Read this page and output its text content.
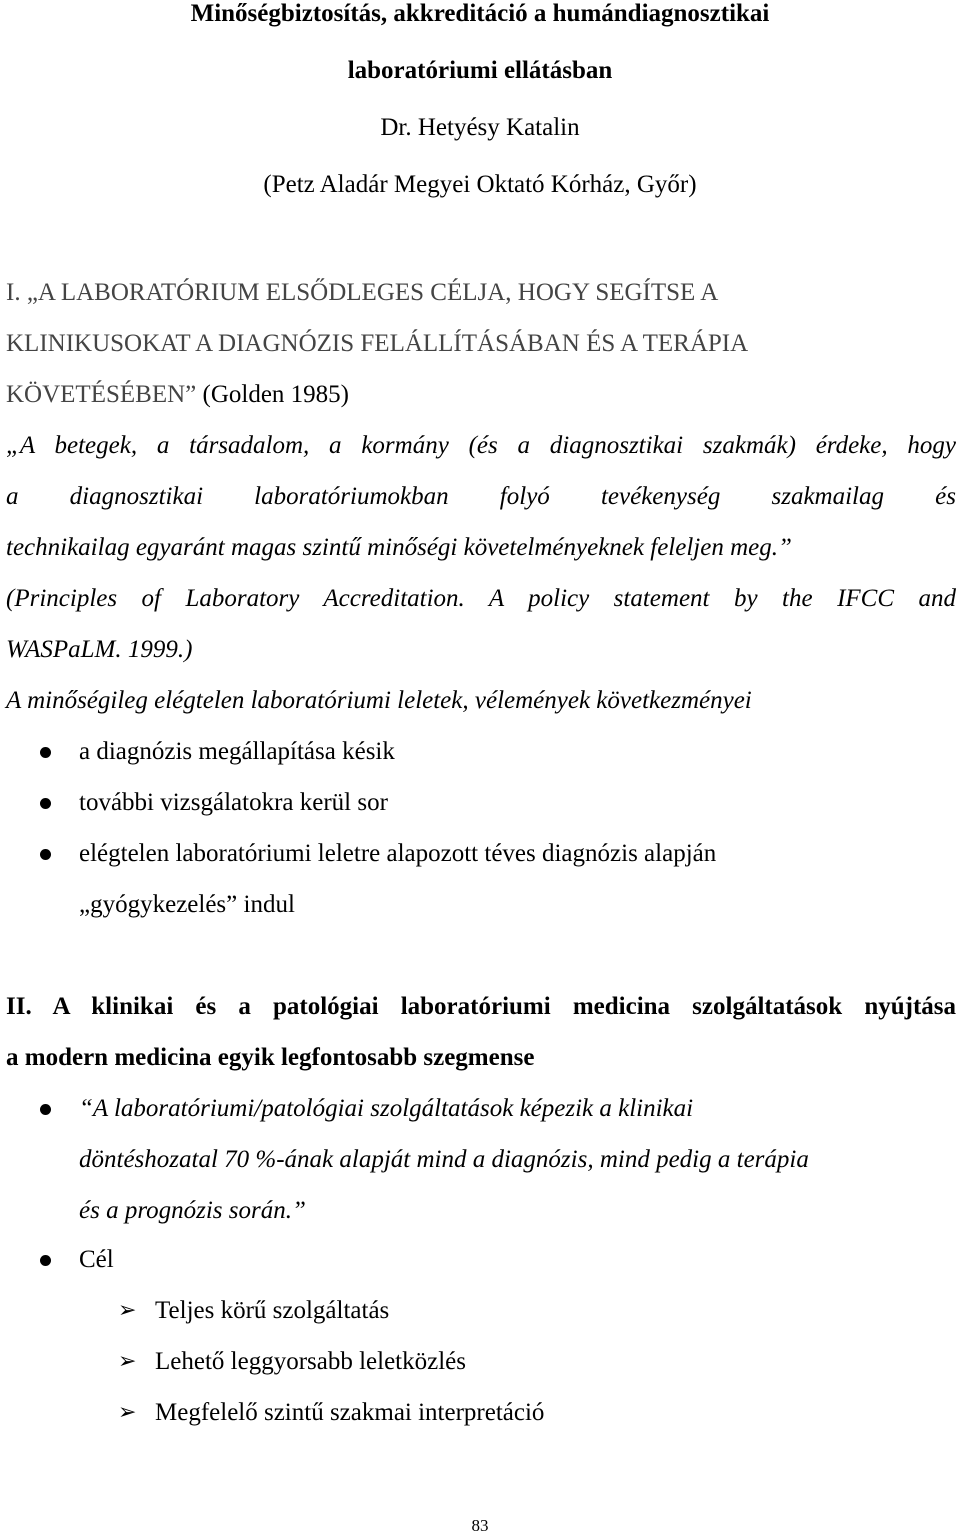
Minőségbiztosítás, akkreditáció a humándiagnosztikai
laboratóriumi ellátásban
Dr. Hetyésy Katalin
(Petz Aladár Megyei Oktató Kórház, Győr)
I. „A LABORATÓRIUM ELSŐDLEGES CÉLJA, HOGY SEGÍTSE A
KLINIKUSOKAT A DIAGNÓZIS FELÁLLÍTÁSÁBAN ÉS A TERÁPIA
KÖVETÉSÉBEN” (Golden 1985)
„A betegek, a társadalom, a kormány (és a diagnosztikai szakmák) érdeke, hogy
a diagnosztikai laboratóriumokban folyó tevékenység szakmailag és
technikailag egyaránt magas szintű minőségi követelményeknek feleljen meg.”
(Principles of Laboratory Accreditation. A policy statement by the IFCC and
WASPaLM. 1999.)
A minőségileg elégtelen laboratóriumi leletek, vélemények következményei
a diagnózis megállapítása késik
további vizsgálatokra kerül sor
elégtelen laboratóriumi leletre alapozott téves diagnózis alapján
„gyógykezelés” indul
II. A klinikai és a patológiai laboratóriumi medicina szolgáltatások nyújtása
a modern medicina egyik legfontosabb szegmense
“A laboratóriumi/patológiai szolgáltatások képezik a klinikai
döntéshozatal 70 %-ának alapját mind a diagnózis, mind pedig a terápia
és a prognózis során.”
Cél
➢ Teljes körű szolgáltatás
➢ Lehető leggyorsabb leletközlés
➢ Megfelelő szintű szakmai interpretáció
83
